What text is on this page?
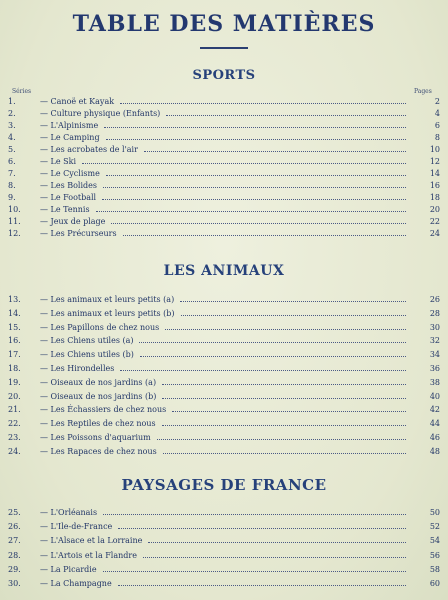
TABLE DES MATIÈRES
SPORTS
Séries	Pages
LES ANIMAUX
PAYSAGES DE FRANCE
1.	— Canoë et Kayak	2
2.	— Culture physique (Enfants)	4
3.	— L'Alpinisme	6
4.	— Le Camping	8
5.	— Les acrobates de l'air	10
6.	— Le Ski	12
7.	— Le Cyclisme	14
8.	— Les Bolides	16
9.	— Le Football	18
10.	— Le Tennis	20
11.	— Jeux de plage	22
12.	— Les Précurseurs	24
13.	— Les animaux et leurs petits (a)	26
14.	— Les animaux et leurs petits (b)	28
15.	— Les Papillons de chez nous	30
16.	— Les Chiens utiles (a)	32
17.	— Les Chiens utiles (b)	34
18.	— Les Hirondelles	36
19.	— Oiseaux de nos jardins (a)	38
20.	— Oiseaux de nos jardins (b)	40
21.	— Les Échassiers de chez nous	42
22.	— Les Reptiles de chez nous	44
23.	— Les Poissons d'aquarium	46
24.	— Les Rapaces de chez nous	48
25.	— L'Orléanais	50
26.	— L'Ile-de-France	52
27.	— L'Alsace et la Lorraine	54
28.	— L'Artois et la Flandre	56
29.	— La Picardie	58
30.	— La Champagne	60
